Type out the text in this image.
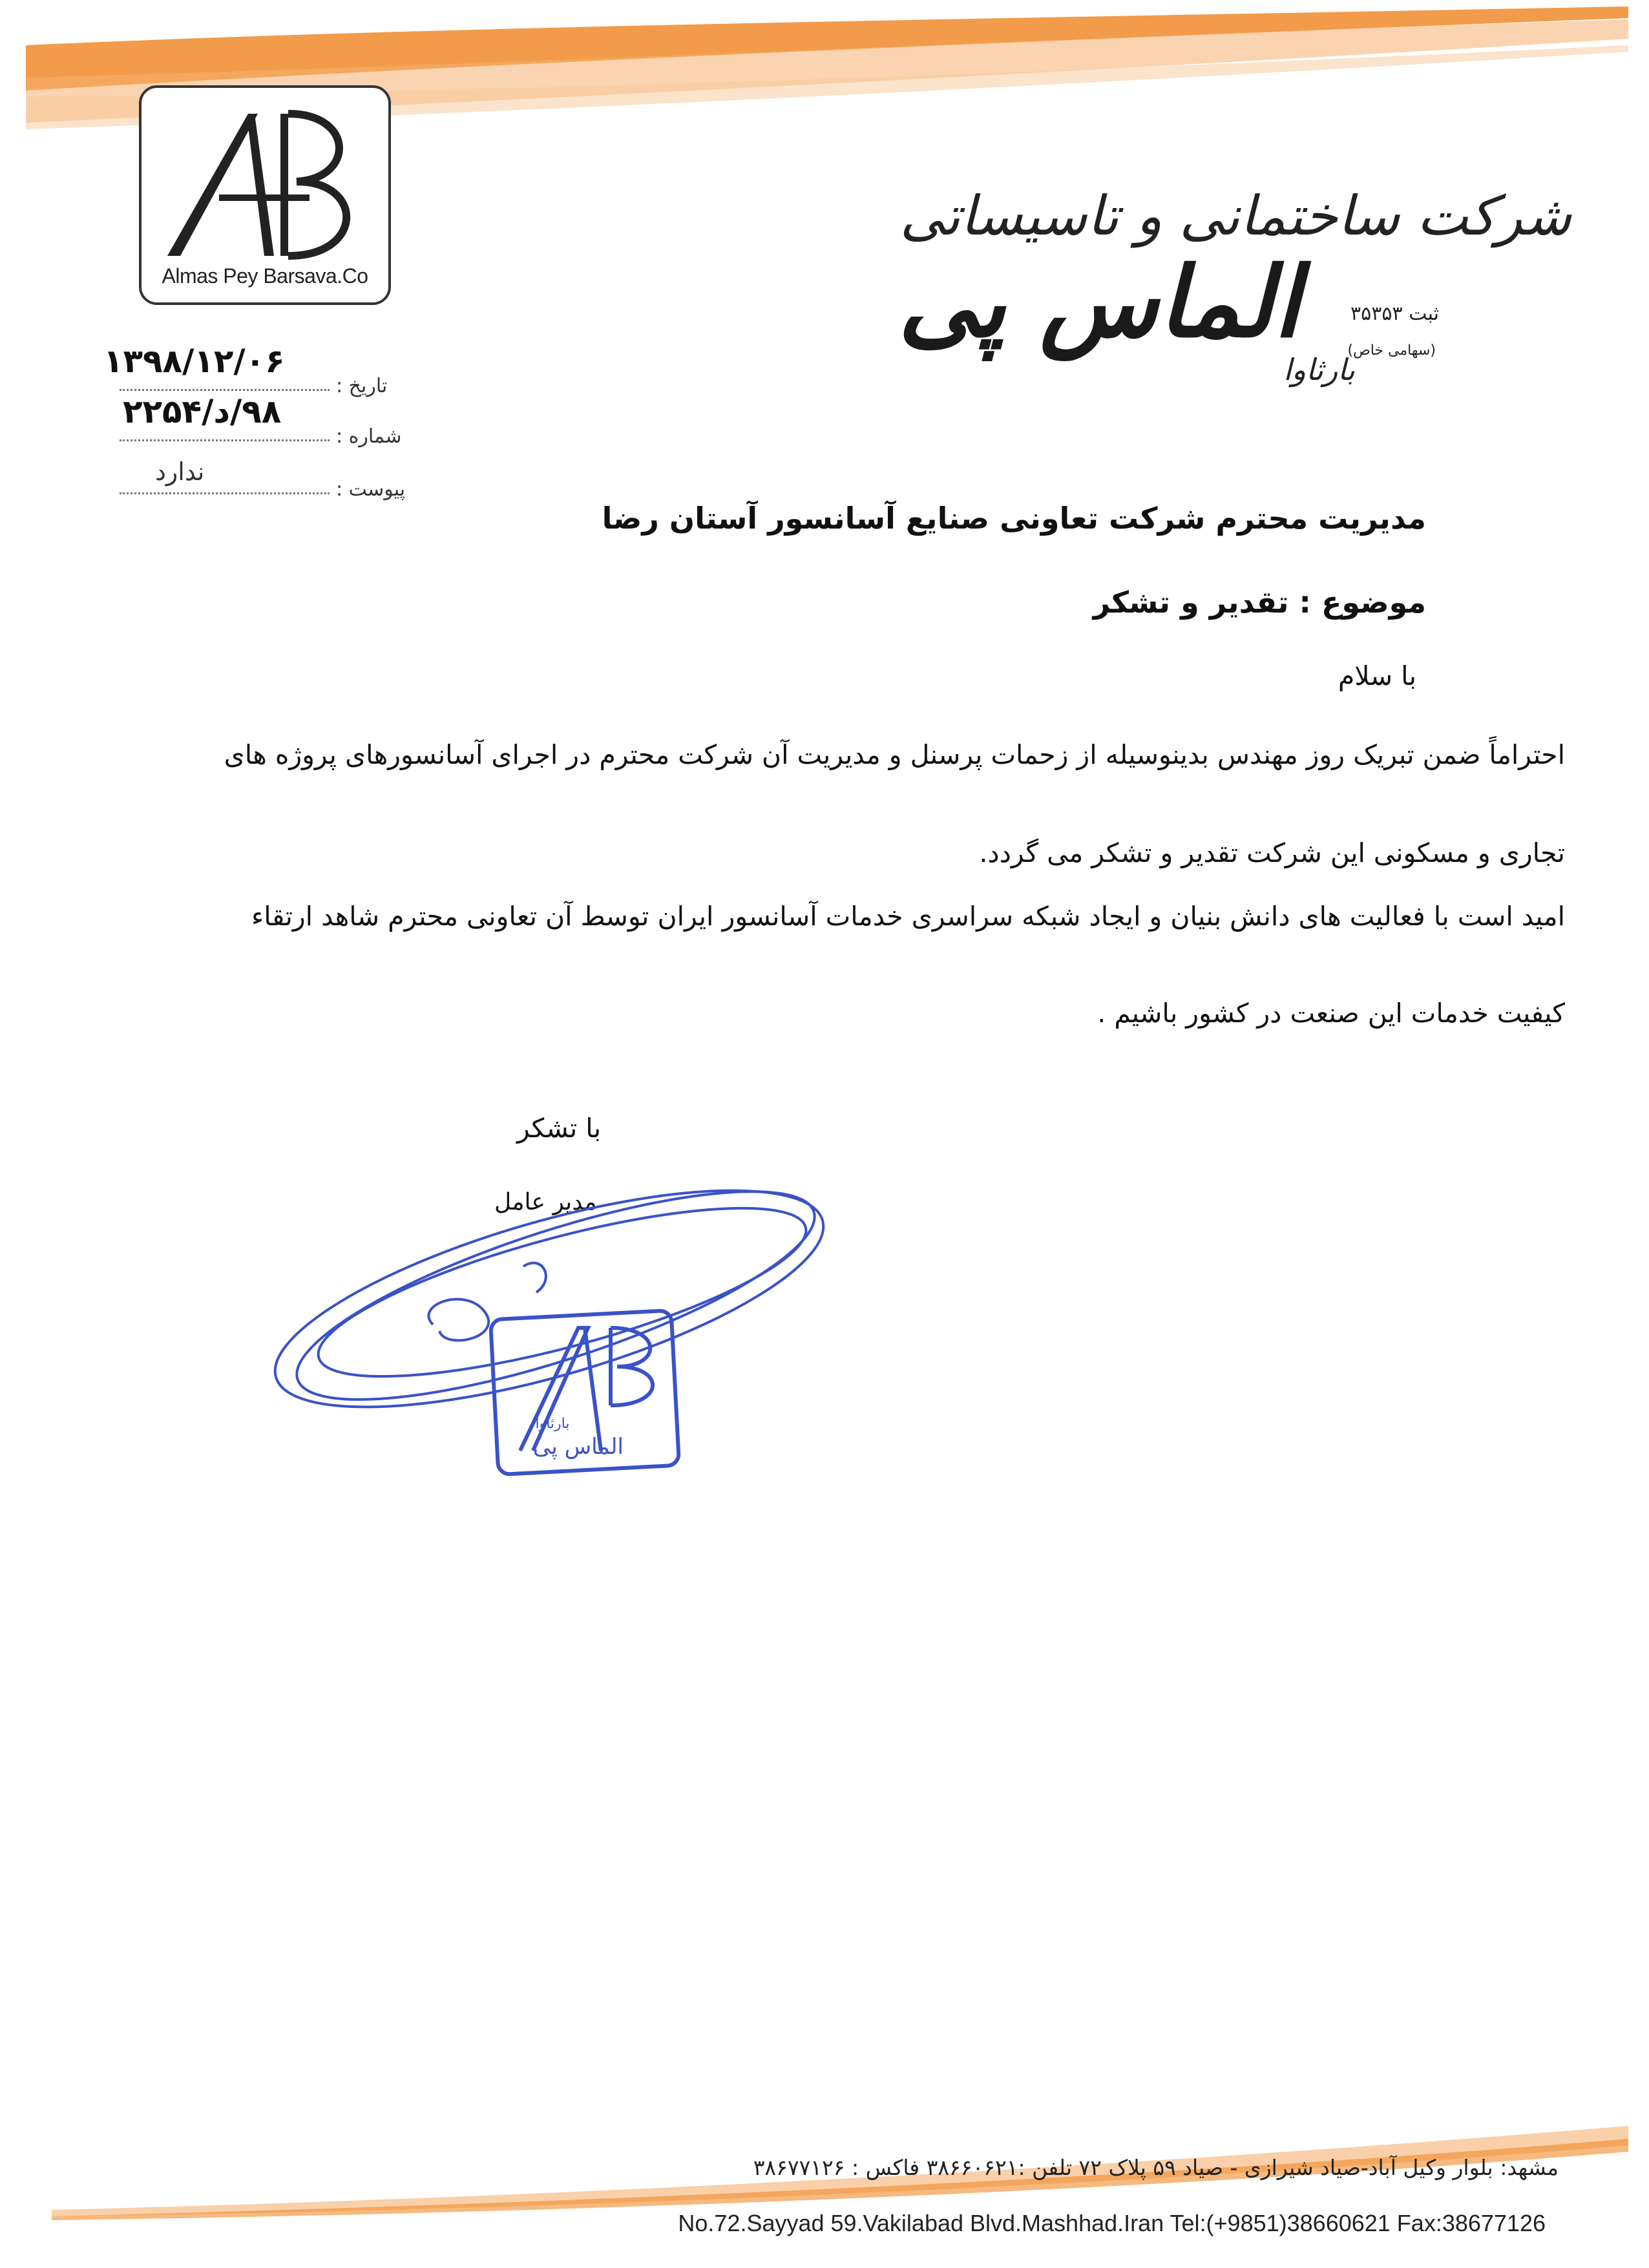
Almas Pey Barsava.Co
شرکت ساختمانی و تاسیساتی
الماس پی
بارثاوا
ثبت ۳۵۳۵۳
(سهامی خاص)
۱۳۹۸/۱۲/۰۶
تاریخ :
۹۸/د/۲۲۵۴
شماره :
ندارد
پیوست :
مدیریت محترم شرکت تعاونی صنایع آسانسور آستان رضا
موضوع : تقدیر و تشکر
با سلام
احتراماً ضمن تبریک روز مهندس بدینوسیله از زحمات پرسنل و مدیریت آن شرکت محترم در اجرای آسانسورهای پروژه های
تجاری و مسکونی این شرکت تقدیر و تشکر می گردد.
امید است با فعالیت های دانش بنیان و ایجاد شبکه سراسری خدمات آسانسور ایران توسط آن تعاونی محترم شاهد ارتقاء
کیفیت خدمات این صنعت در کشور باشیم .
با تشکر
مدیر عامل
الماس پی
بارثاوا
مشهد: بلوار وکیل آباد-صیاد شیرازی - صیاد ۵۹ پلاک ۷۲ تلفن :۳۸۶۶۰۶۲۱ فاکس : ۳۸۶۷۷۱۲۶
No.72.Sayyad 59.Vakilabad Blvd.Mashhad.Iran Tel:(+9851)38660621 Fax:38677126
